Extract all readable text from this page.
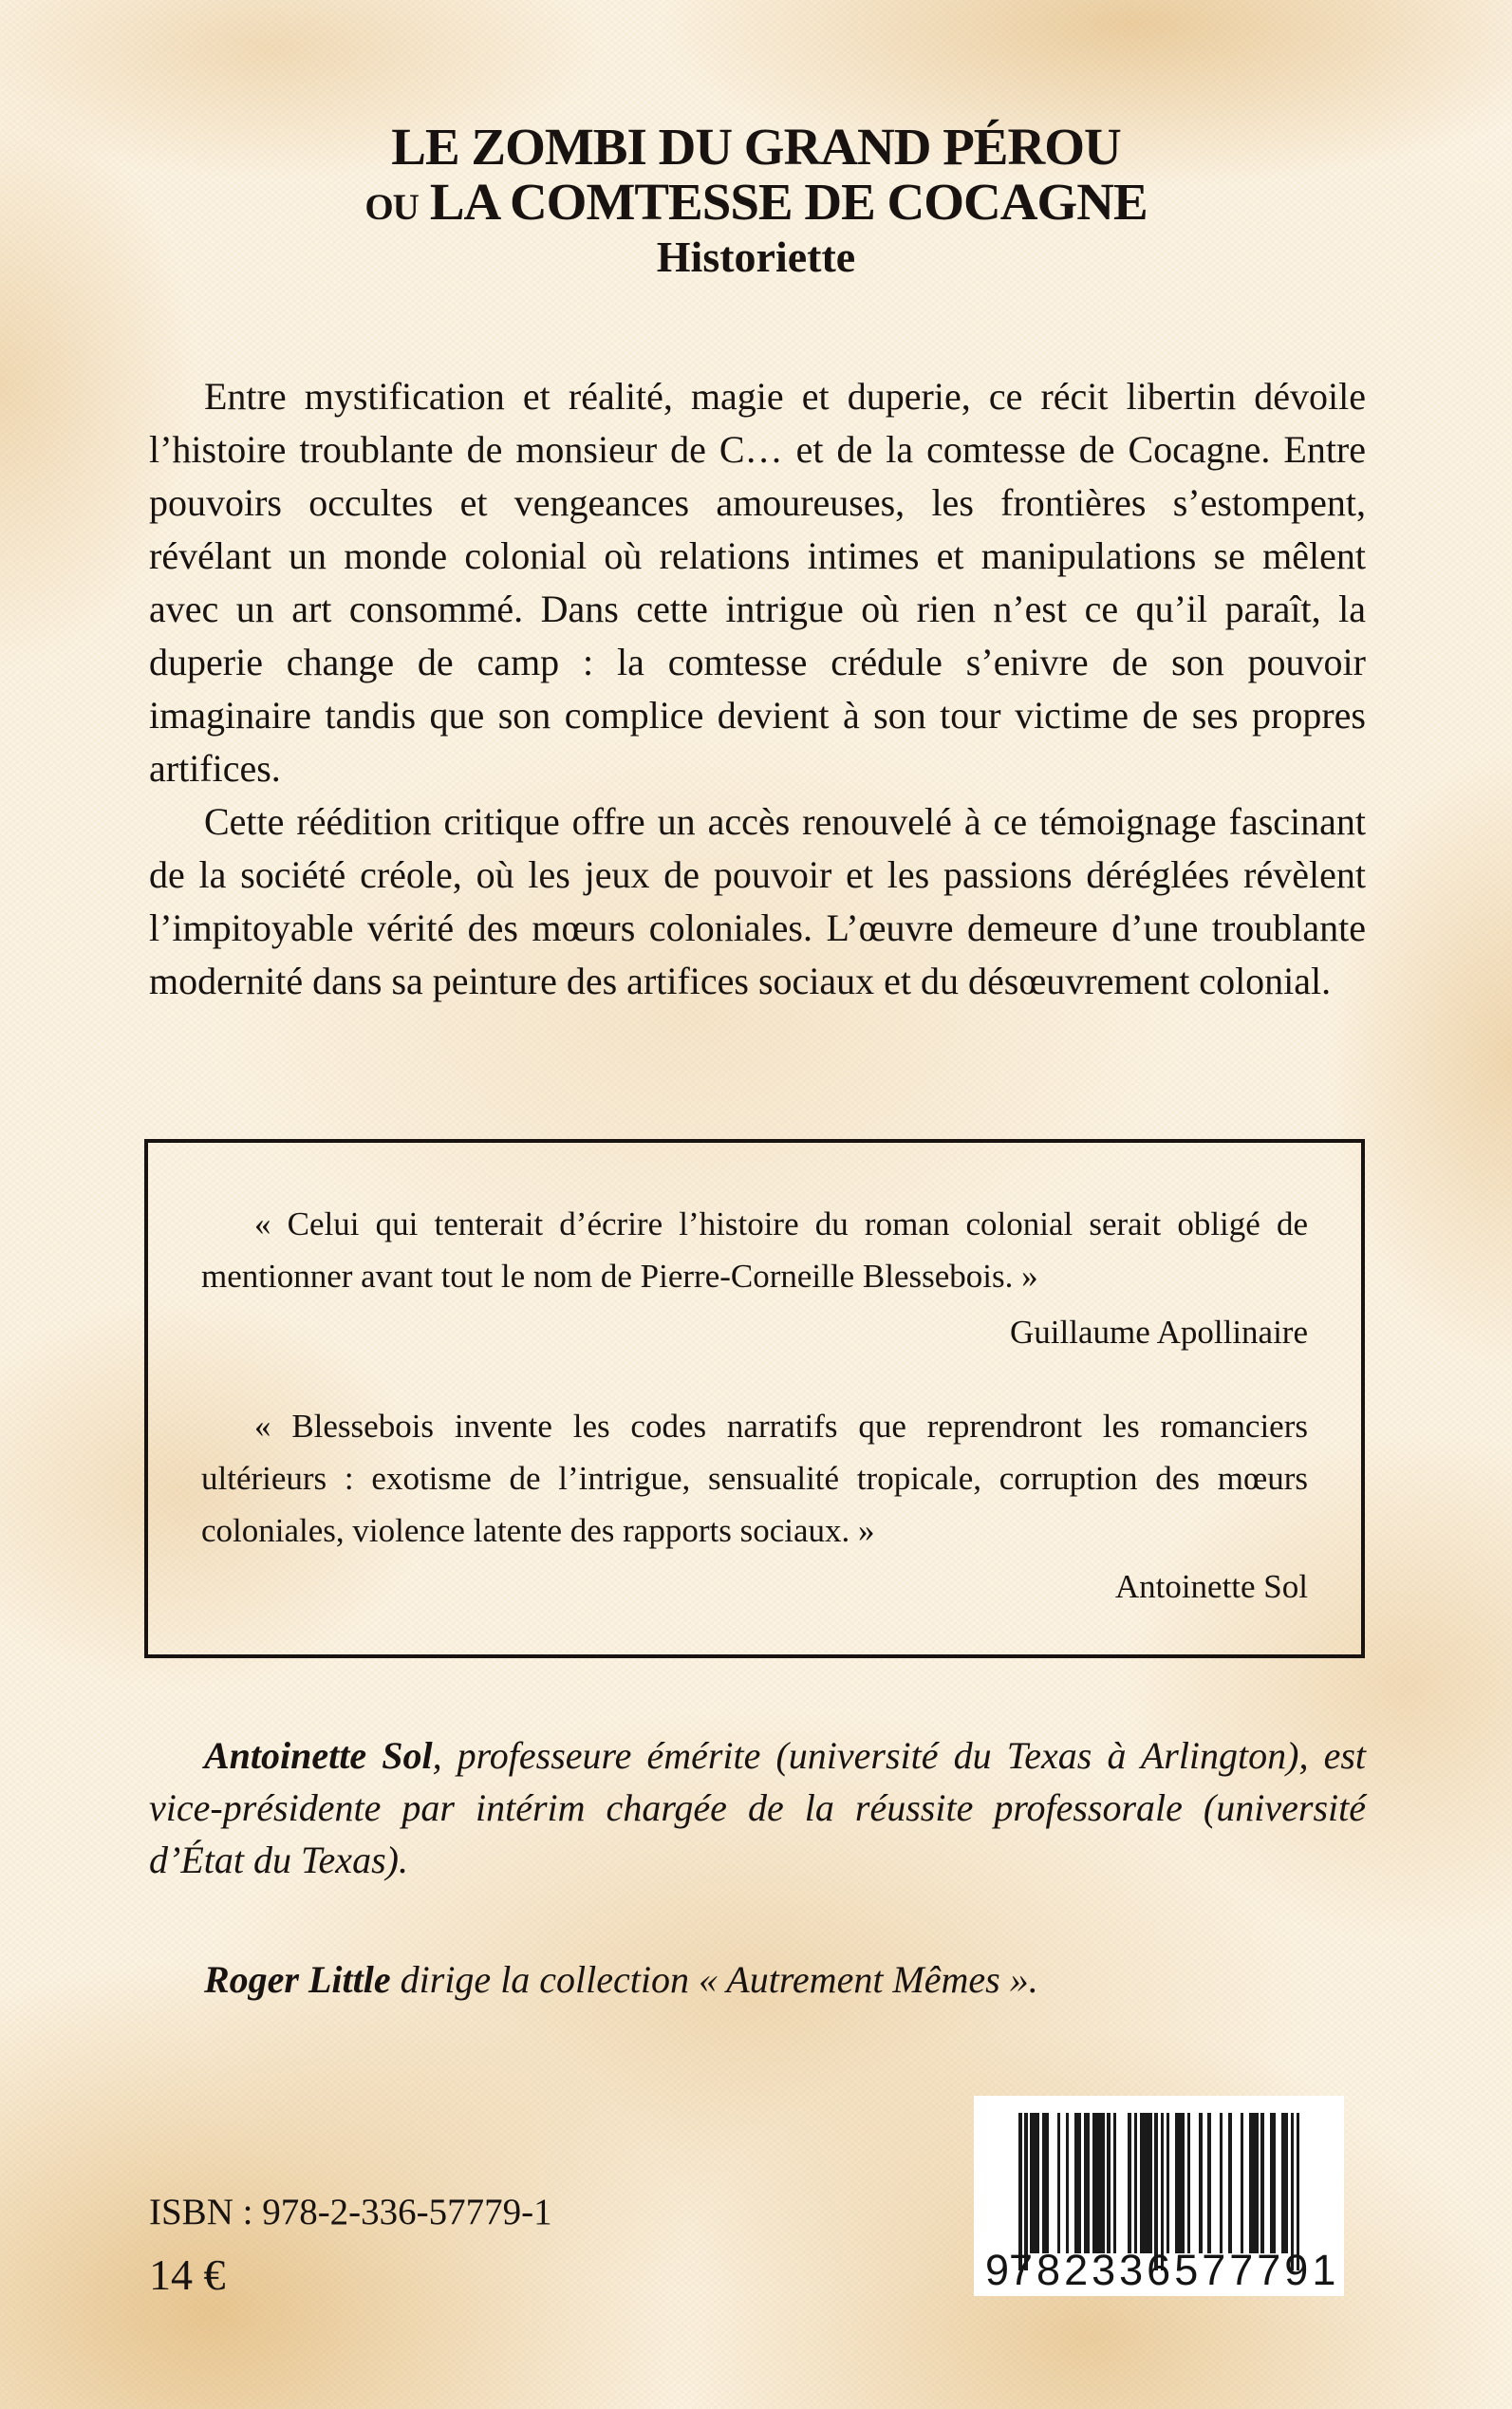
LE ZOMBI DU GRAND PÉROU
ou LA COMTESSE DE COCAGNE
Historiette

Entre mystification et réalité, magie et duperie, ce récit libertin dévoile l’histoire troublante de monsieur de C… et de la comtesse de Cocagne. Entre pouvoirs occultes et vengeances amoureuses, les frontières s’estompent, révélant un monde colonial où relations intimes et manipulations se mêlent avec un art consommé. Dans cette intrigue où rien n’est ce qu’il paraît, la duperie change de camp : la comtesse crédule s’enivre de son pouvoir imaginaire tandis que son complice devient à son tour victime de ses propres artifices.

Cette réédition critique offre un accès renouvelé à ce témoignage fascinant de la société créole, où les jeux de pouvoir et les passions déréglées révèlent l’impitoyable vérité des mœurs coloniales. L’œuvre demeure d’une troublante modernité dans sa peinture des artifices sociaux et du désœuvrement colonial.

« Celui qui tenterait d’écrire l’histoire du roman colonial serait obligé de mentionner avant tout le nom de Pierre-Corneille Blessebois. »

Guillaume Apollinaire

« Blessebois invente les codes narratifs que reprendront les romanciers ultérieurs : exotisme de l’intrigue, sensualité tropicale, corruption des mœurs coloniales, violence latente des rapports sociaux. »

Antoinette Sol

Antoinette Sol, professeure émérite (université du Texas à Arlington), est vice-présidente par intérim chargée de la réussite professorale (université d’État du Texas).

Roger Little dirige la collection « Autrement Mêmes ».

ISBN : 978-2-336-57779-1
14 €	9 782336 577791
